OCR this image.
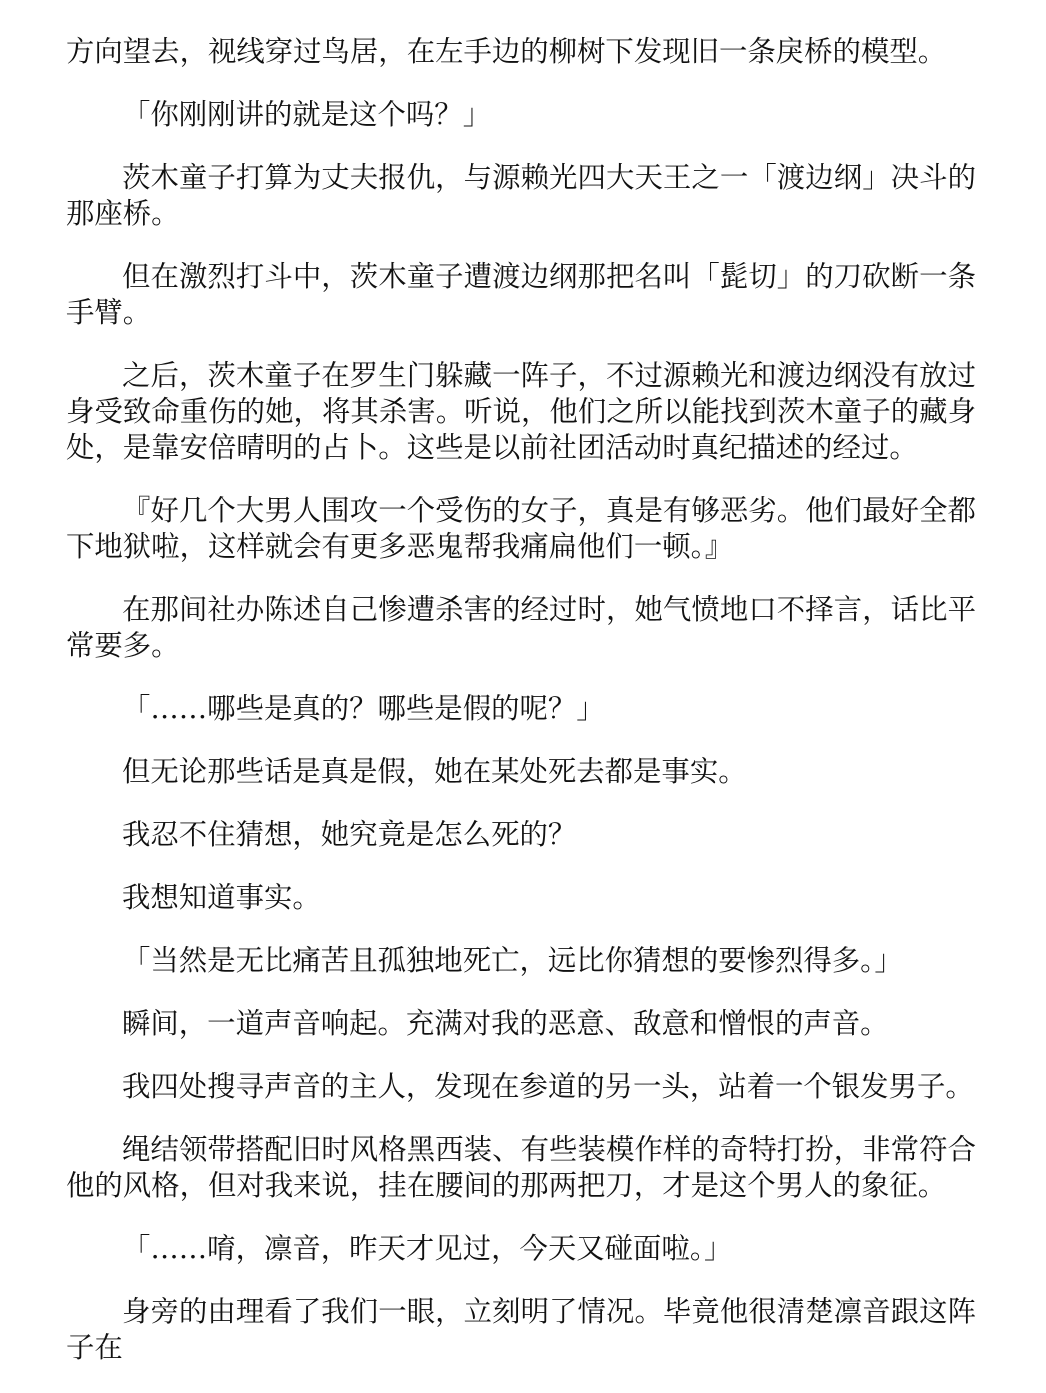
方向望去，视线穿过鸟居，在左手边的柳树下发现旧一条戾桥的模型。

「你刚刚讲的就是这个吗？」

茨木童子打算为丈夫报仇，与源赖光四大天王之一「渡边纲」决斗的那座桥。

但在激烈打斗中，茨木童子遭渡边纲那把名叫「髭切」的刀砍断一条手臂。

之后，茨木童子在罗生门躲藏一阵子，不过源赖光和渡边纲没有放过身受致命重伤的她，将其杀害。听说，他们之所以能找到茨木童子的藏身处，是靠安倍晴明的占卜。这些是以前社团活动时真纪描述的经过。

『好几个大男人围攻一个受伤的女子，真是有够恶劣。他们最好全都下地狱啦，这样就会有更多恶鬼帮我痛扁他们一顿。』

在那间社办陈述自己惨遭杀害的经过时，她气愤地口不择言，话比平常要多。

「……哪些是真的？哪些是假的呢？」

但无论那些话是真是假，她在某处死去都是事实。

我忍不住猜想，她究竟是怎么死的？

我想知道事实。

「当然是无比痛苦且孤独地死亡，远比你猜想的要惨烈得多。」

瞬间，一道声音响起。充满对我的恶意、敌意和憎恨的声音。

我四处搜寻声音的主人，发现在参道的另一头，站着一个银发男子。

绳结领带搭配旧时风格黑西装、有些装模作样的奇特打扮，非常符合他的风格，但对我来说，挂在腰间的那两把刀，才是这个男人的象征。

「……唷，凛音，昨天才见过，今天又碰面啦。」

身旁的由理看了我们一眼，立刻明了情况。毕竟他很清楚凛音跟这阵子在
